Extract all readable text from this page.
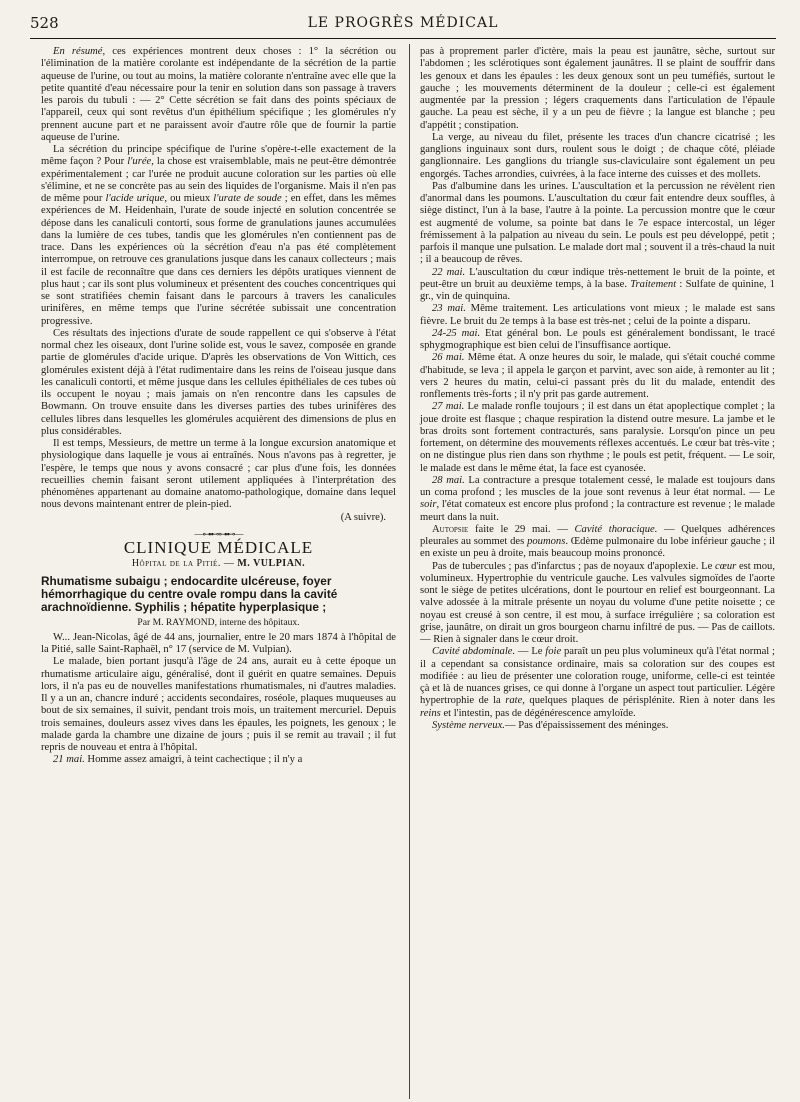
528	LE PROGRÈS MÉDICAL

En résumé, ces expériences montrent deux choses : 1° la sécrétion ou l'élimination de la matière corolante est indépendante de la sécrétion de la partie aqueuse de l'urine, ou tout au moins, la matière colorante n'entraîne avec elle que la petite quantité d'eau nécessaire pour la tenir en solution dans son passage à travers les parois du tubuli : — 2° Cette sécrétion se fait dans des points spéciaux de l'appareil, ceux qui sont revêtus d'un épithélium spécifique ; les glomérules n'y prennent aucune part et ne paraissent avoir d'autre rôle que de fournir la partie aqueuse de l'urine.

La sécrétion du principe spécifique de l'urine s'opère-t-elle exactement de la même façon ? Pour l'urée, la chose est vraisemblable, mais ne peut-être démontrée expérimentalement ; car l'urée ne produit aucune coloration sur les parties où elle s'élimine, et ne se concrète pas au sein des liquides de l'organisme. Mais il n'en pas de même pour l'acide urique, ou mieux l'urate de soude ; en effet, dans les mêmes expériences de M. Heidenhain, l'urate de soude injecté en solution concentrée se dépose dans les canaliculi contorti, sous forme de granulations jaunes accumulées dans la lumière de ces tubes, tandis que les glomérules n'en contiennent pas de trace. Dans les expériences où la sécrétion d'eau n'a pas été complètement interrompue, on retrouve ces granulations jusque dans les canaux collecteurs ; mais il est facile de reconnaître que dans ces derniers les dépôts uratiques viennent de plus haut ; car ils sont plus volumineux et présentent des couches concentriques qui se sont stratifiées chemin faisant dans le parcours à travers les canalicules urinifères, en même temps que l'urine sécrétée subissait une concentration progressive.

Ces résultats des injections d'urate de soude rappellent ce qui s'observe à l'état normal chez les oiseaux, dont l'urine solide est, vous le savez, composée en grande partie de glomérules d'acide urique. D'après les observations de Von Wittich, ces glomérules existent déjà à l'état rudimentaire dans les reins de l'oiseau jusque dans les canaliculi contorti, et même jusque dans les cellules épithéliales de ces tubes où ils occupent le noyau ; mais jamais on n'en rencontre dans les capsules de Bowmann. On trouve ensuite dans les diverses parties des tubes urinifères des cellules libres dans lesquelles les glomérules acquièrent des dimensions de plus en plus considérables.

Il est temps, Messieurs, de mettre un terme à la longue excursion anatomique et physiologique dans laquelle je vous ai entraînés. Nous n'avons pas à regretter, je l'espère, le temps que nous y avons consacré ; car plus d'une fois, les données recueillies chemin faisant seront utilement appliquées à l'interprétation des phénomènes appartenant au domaine anatomo-pathologique, domaine dans lequel nous devons maintenant entrer de plein-pied.
(A suivre).

—⊶⊷⊶⊷—
CLINIQUE MÉDICALE
Hôpital de la Pitié. — M. VULPIAN.
Rhumatisme subaigu ; endocardite ulcéreuse, foyer hémorrhagique du centre ovale rompu dans la cavité arachnoïdienne. Syphilis ; hépatite hyperplasique ;
Par M. RAYMOND, interne des hôpitaux.

W... Jean-Nicolas, âgé de 44 ans, journalier, entre le 20 mars 1874 à l'hôpital de la Pitié, salle Saint-Raphaël, n° 17 (service de M. Vulpian).

Le malade, bien portant jusqu'à l'âge de 24 ans, aurait eu à cette époque un rhumatisme articulaire aigu, généralisé, dont il guérit en quatre semaines. Depuis lors, il n'a pas eu de nouvelles manifestations rhumatismales, ni d'autres maladies. Il y a un an, chancre induré ; accidents secondaires, roséole, plaques muqueuses au bout de six semaines, il suivit, pendant trois mois, un traitement mercuriel. Depuis trois semaines, douleurs assez vives dans les épaules, les poignets, les genoux ; le malade garda la chambre une dizaine de jours ; puis il se remit au travail ; il fut repris de nouveau et entra à l'hôpital.

21 mai. Homme assez amaigri, à teint cachectique ; il n'y a

pas à proprement parler d'ictère, mais la peau est jaunâtre, sèche, surtout sur l'abdomen ; les sclérotiques sont également jaunâtres. Il se plaint de souffrir dans les genoux et dans les épaules : les deux genoux sont un peu tuméfiés, surtout le gauche ; les mouvements déterminent de la douleur ; celle-ci est également augmentée par la pression ; légers craquements dans l'articulation de l'épaule gauche. La peau est sèche, il y a un peu de fièvre ; la langue est blanche ; peu d'appétit ; constipation.

La verge, au niveau du filet, présente les traces d'un chancre cicatrisé ; les ganglions inguinaux sont durs, roulent sous le doigt ; de chaque côté, pléiade ganglionnaire. Les ganglions du triangle sus-claviculaire sont également un peu engorgés. Taches arrondies, cuivrées, à la face interne des cuisses et des mollets.

Pas d'albumine dans les urines. L'auscultation et la percussion ne révèlent rien d'anormal dans les poumons. L'auscultation du cœur fait entendre deux souffles, à siège distinct, l'un à la base, l'autre à la pointe. La percussion montre que le cœur est augmenté de volume, sa pointe bat dans le 7e espace intercostal, un léger frémissement à la palpation au niveau du sein. Le pouls est peu développé, petit ; parfois il manque une pulsation. Le malade dort mal ; souvent il a très-chaud la nuit ; il a beaucoup de rêves.

22 mai. L'auscultation du cœur indique très-nettement le bruit de la pointe, et peut-être un bruit au deuxième temps, à la base. Traitement : Sulfate de quinine, 1 gr., vin de quinquina.

23 mai. Même traitement. Les articulations vont mieux ; le malade est sans fièvre. Le bruit du 2e temps à la base est très-net ; celui de la pointe a disparu.

24-25 mai. Etat général bon. Le pouls est généralement bondissant, le tracé sphygmographique est bien celui de l'insuffisance aortique.

26 mai. Même état. A onze heures du soir, le malade, qui s'était couché comme d'habitude, se leva ; il appela le garçon et parvint, avec son aide, à remonter au lit ; vers 2 heures du matin, celui-ci passant près du lit du malade, entendit des ronflements très-forts ; il n'y prit pas garde autrement.

27 mai. Le malade ronfle toujours ; il est dans un état apoplectique complet ; la joue droite est flasque ; chaque respiration la distend outre mesure. La jambe et le bras droits sont fortement contracturés, sans paralysie. Lorsqu'on pince un peu fortement, on détermine des mouvements réflexes accentués. Le cœur bat très-vite ; on ne distingue plus rien dans son rhythme ; le pouls est petit, fréquent. — Le soir, le malade est dans le même état, la face est cyanosée.

28 mai. La contracture a presque totalement cessé, le malade est toujours dans un coma profond ; les muscles de la joue sont revenus à leur état normal. — Le soir, l'état comateux est encore plus profond ; la contracture est revenue ; le malade meurt dans la nuit.

Autopsie faite le 29 mai. — Cavité thoracique. — Quelques adhérences pleurales au sommet des poumons. Œdème pulmonaire du lobe inférieur gauche ; il en existe un peu à droite, mais beaucoup moins prononcé.

Pas de tubercules ; pas d'infarctus ; pas de noyaux d'apoplexie. Le cœur est mou, volumineux. Hypertrophie du ventricule gauche. Les valvules sigmoïdes de l'aorte sont le siège de petites ulcérations, dont le pourtour en relief est bourgeonnant. La valve adossée à la mitrale présente un noyau du volume d'une petite noisette ; ce noyau est creusé à son centre, il est mou, à surface irrégulière ; sa coloration est grise, jaunâtre, on dirait un gros bourgeon charnu infiltré de pus. — Pas de caillots. — Rien à signaler dans le cœur droit.

Cavité abdominale. — Le foie paraît un peu plus volumineux qu'à l'état normal ; il a cependant sa consistance ordinaire, mais sa coloration sur des coupes est modifiée : au lieu de présenter une coloration rouge, uniforme, celle-ci est teintée çà et là de nuances grises, ce qui donne à l'organe un aspect tout particulier. Légère hypertrophie de la rate, quelques plaques de périsplénite. Rien à noter dans les reins et l'intestin, pas de dégénérescence amyloïde.

Système nerveux.— Pas d'épaississement des méninges.
